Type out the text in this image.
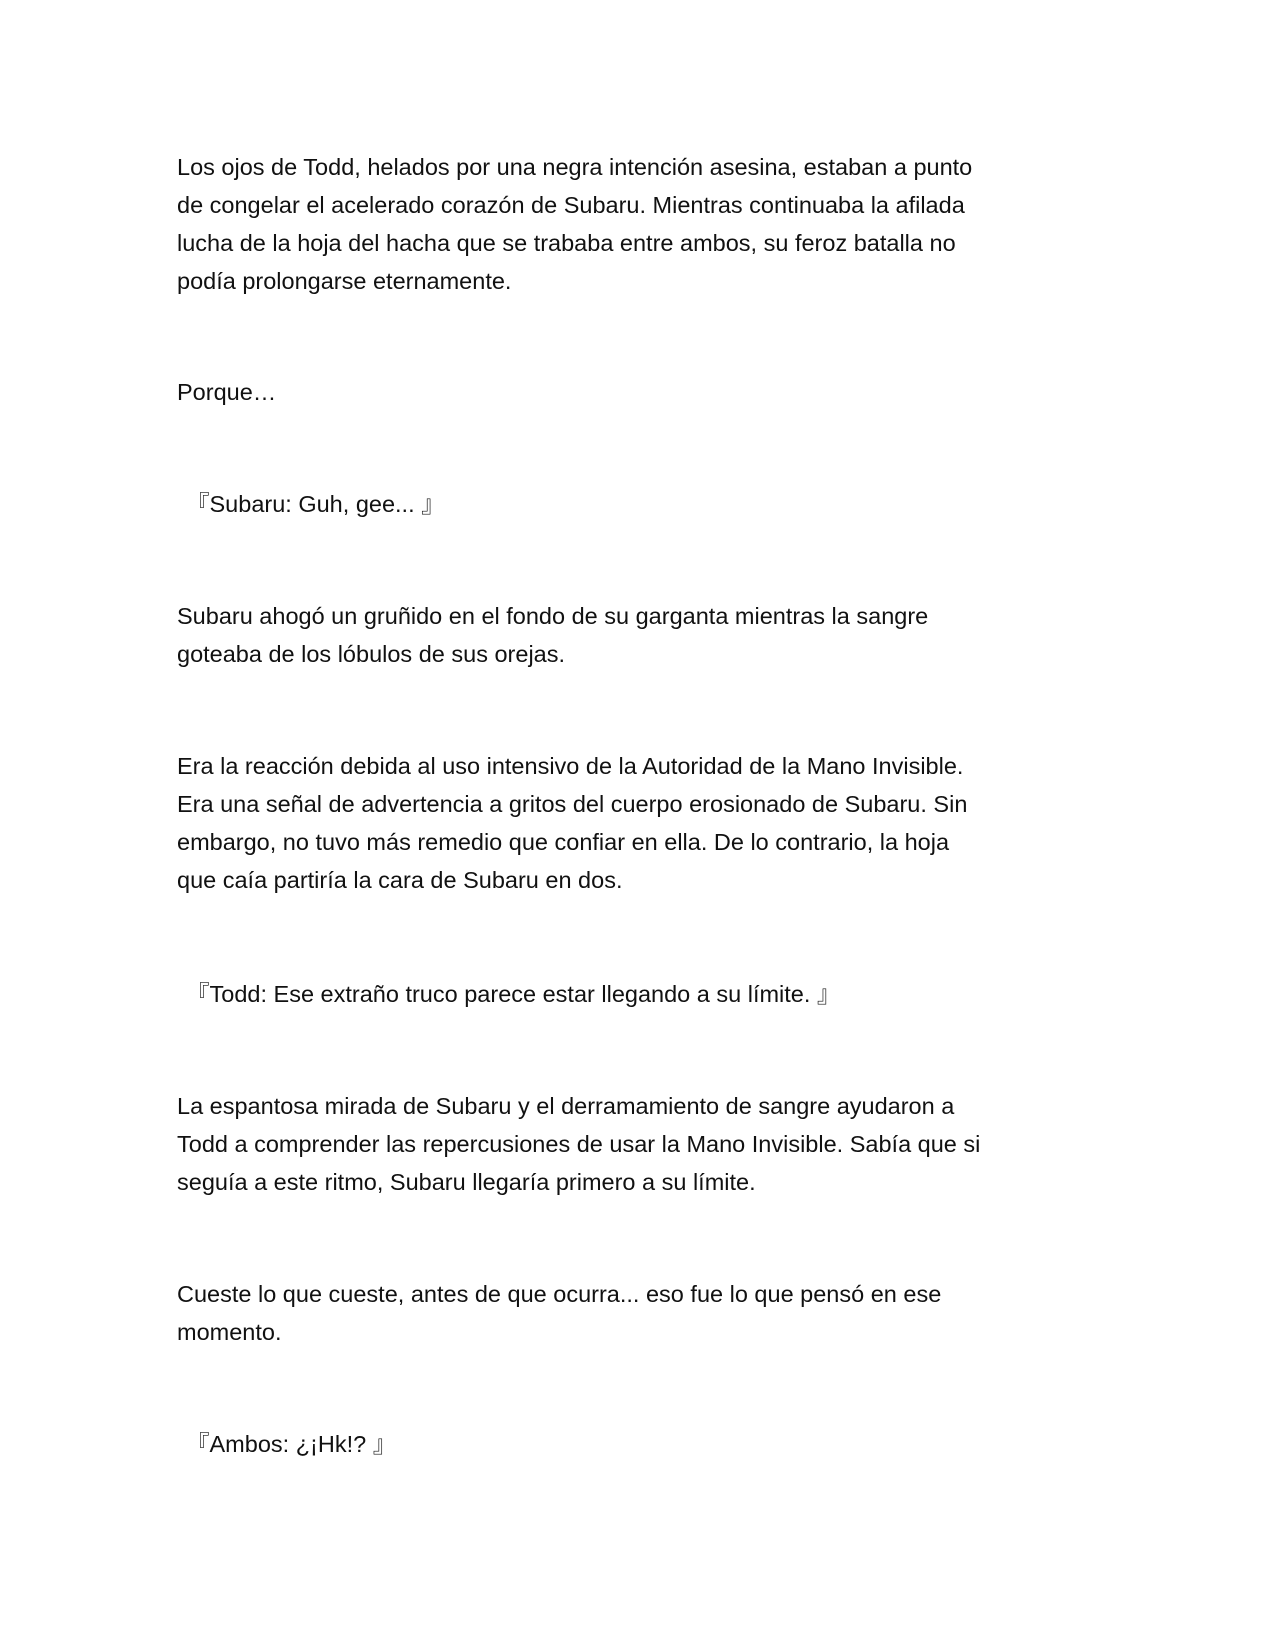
Los ojos de Todd, helados por una negra intención asesina, estaban a punto
de congelar el acelerado corazón de Subaru. Mientras continuaba la afilada
lucha de la hoja del hacha que se trababa entre ambos, su feroz batalla no
podía prolongarse eternamente.

Porque…

『Subaru: Guh, gee... 』

Subaru ahogó un gruñido en el fondo de su garganta mientras la sangre
goteaba de los lóbulos de sus orejas.

Era la reacción debida al uso intensivo de la Autoridad de la Mano Invisible.
Era una señal de advertencia a gritos del cuerpo erosionado de Subaru. Sin
embargo, no tuvo más remedio que confiar en ella. De lo contrario, la hoja
que caía partiría la cara de Subaru en dos.

『Todd: Ese extraño truco parece estar llegando a su límite. 』

La espantosa mirada de Subaru y el derramamiento de sangre ayudaron a
Todd a comprender las repercusiones de usar la Mano Invisible. Sabía que si
seguía a este ritmo, Subaru llegaría primero a su límite.

Cueste lo que cueste, antes de que ocurra... eso fue lo que pensó en ese
momento.

『Ambos: ¿¡Hk!? 』
